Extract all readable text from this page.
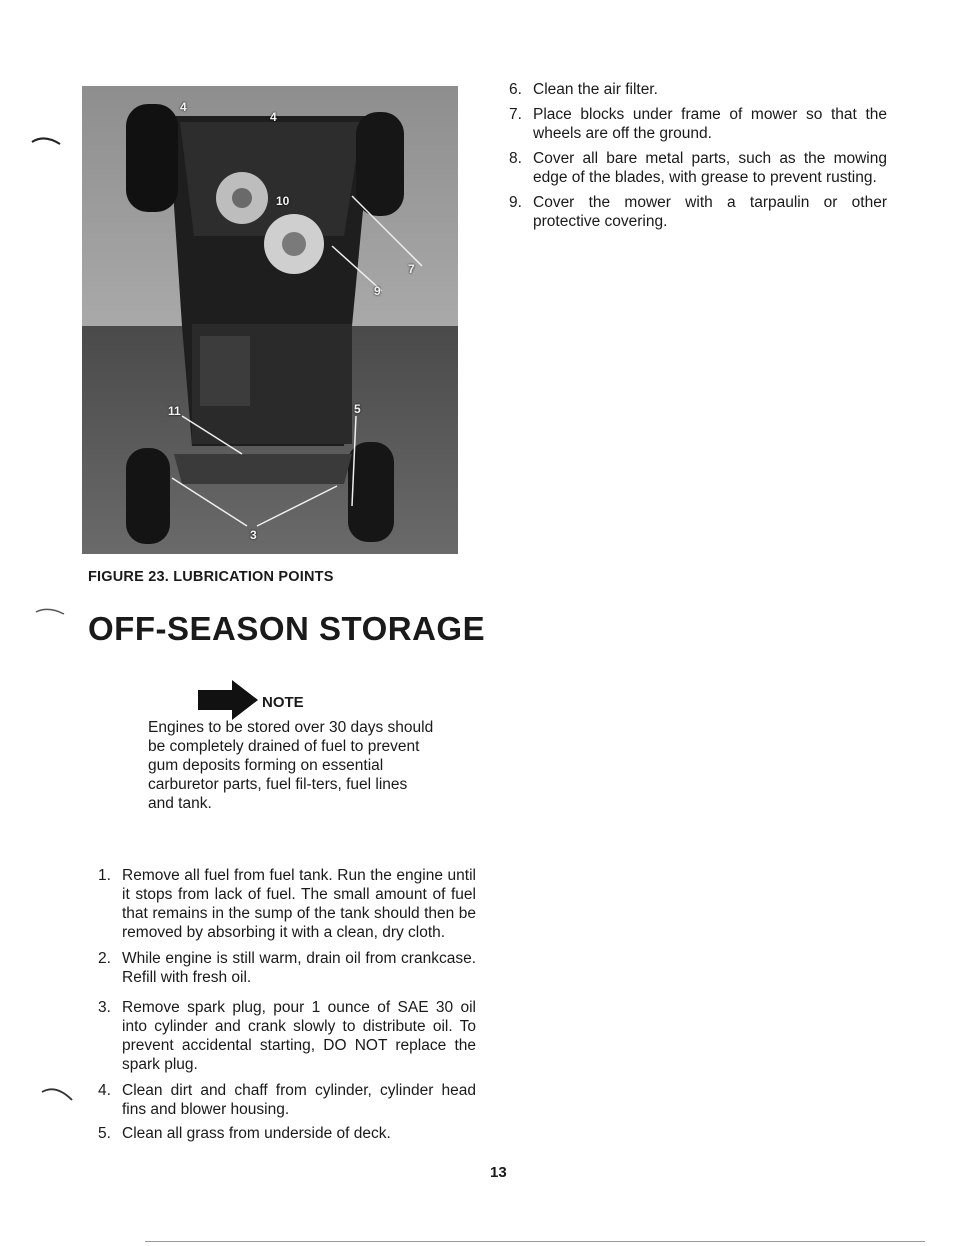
4
4
10
7
9
11	5
3
FIGURE 23. LUBRICATION POINTS
OFF-SEASON STORAGE
NOTE
Engines to be stored over 30 days should be completely drained of fuel to prevent gum deposits forming on essential carburetor parts, fuel fil-ters, fuel lines and tank.
1. Remove all fuel from fuel tank. Run the engine until it stops from lack of fuel. The small amount of fuel that remains in the sump of the tank should then be removed by absorbing it with a clean, dry cloth.
2. While engine is still warm, drain oil from crankcase. Refill with fresh oil.
3. Remove spark plug, pour 1 ounce of SAE 30 oil into cylinder and crank slowly to distribute oil. To prevent accidental starting, DO NOT replace the spark plug.
4. Clean dirt and chaff from cylinder, cylinder head fins and blower housing.
5. Clean all grass from underside of deck.
6. Clean the air filter.
7. Place blocks under frame of mower so that the wheels are off the ground.
8. Cover all bare metal parts, such as the mowing edge of the blades, with grease to prevent rusting.
9. Cover the mower with a tarpaulin or other protective covering.
13
